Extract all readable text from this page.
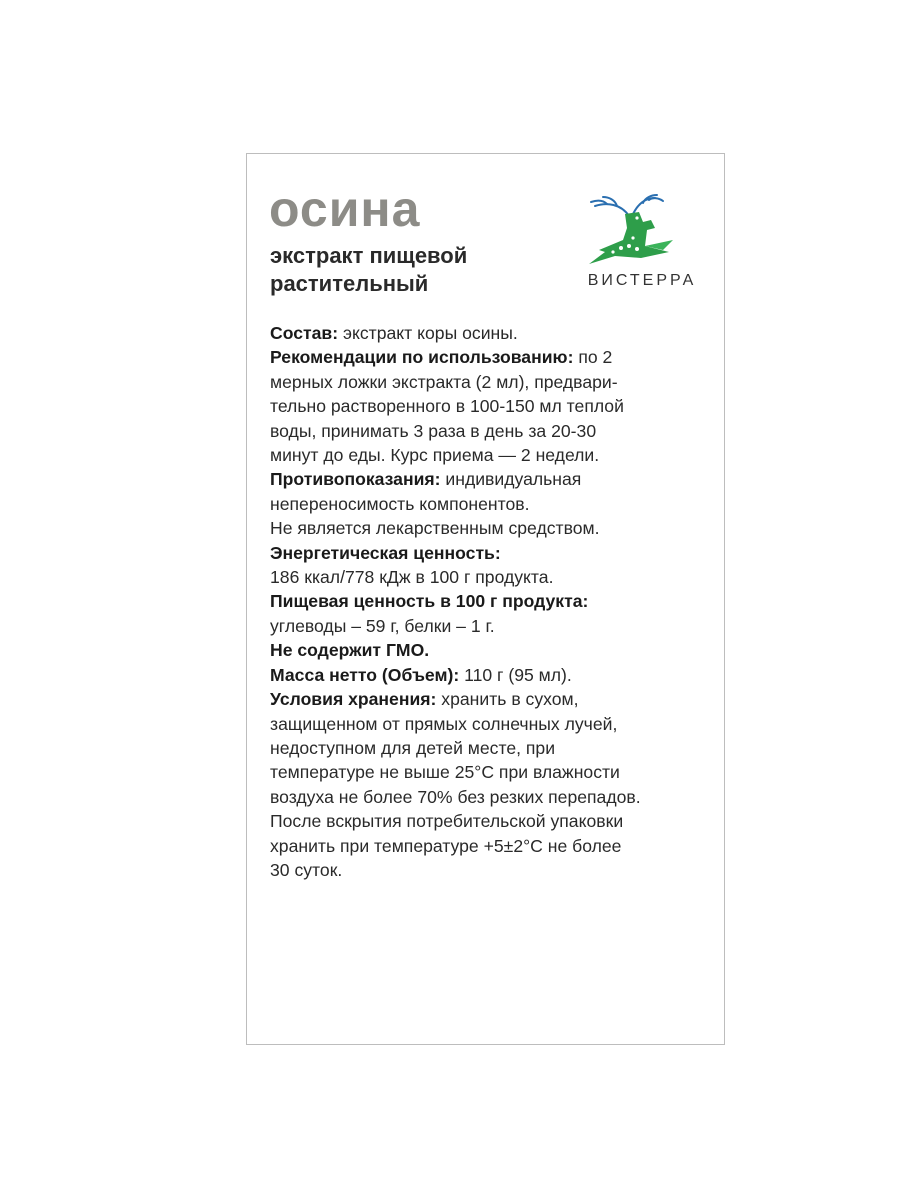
осина
экстракт пищевой
растительный	ВИСТЕРРА

Состав: экстракт коры осины.

Рекомендации по использованию: по 2

мерных ложки экстракта (2 мл), предвари-

тельно растворенного в 100-150 мл теплой

воды, принимать 3 раза в день за 20-30

минут до еды. Курс приема — 2 недели.

Противопоказания: индивидуальная

непереносимость компонентов.

Не является лекарственным средством.

Энергетическая ценность:

186 ккал/778 кДж в 100 г продукта.

Пищевая ценность в 100 г продукта:

углеводы – 59 г, белки – 1 г.

Не содержит ГМО.

Масса нетто (Объем): 110 г (95 мл).

Условия хранения: хранить в сухом,

защищенном от прямых солнечных лучей,

недоступном для детей месте, при

температуре не выше 25°С при влажности

воздуха не более 70% без резких перепадов.

После вскрытия потребительской упаковки

хранить при температуре +5±2°С не более

30 суток.
